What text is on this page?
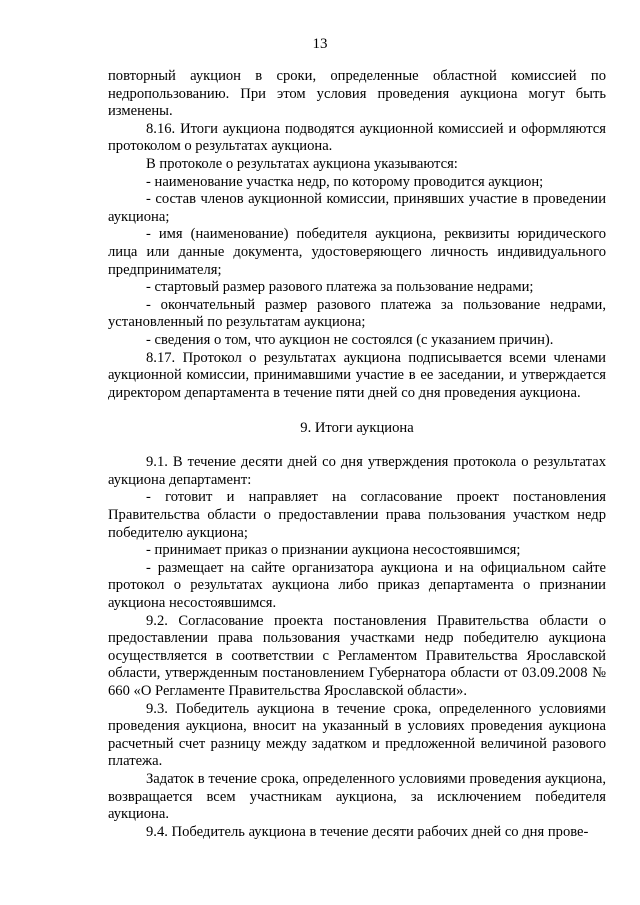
13

повторный аукцион в сроки, определенные областной комиссией по недропользованию. При этом условия проведения аукциона могут быть изменены.

8.16. Итоги аукциона подводятся аукционной комиссией и оформляются протоколом о результатах аукциона.

В протоколе о результатах аукциона указываются:

- наименование участка недр, по которому проводится аукцион;

- состав членов аукционной комиссии, принявших участие в проведении аукциона;

- имя (наименование) победителя аукциона, реквизиты юридического лица или данные документа, удостоверяющего личность индивидуального предпринимателя;

- стартовый размер разового платежа за пользование недрами;

- окончательный размер разового платежа за пользование недрами, установленный по результатам аукциона;

- сведения о том, что аукцион не состоялся (с указанием причин).

8.17. Протокол о результатах аукциона подписывается всеми членами аукционной комиссии, принимавшими участие в ее заседании, и утверждается директором департамента в течение пяти дней со дня проведения аукциона.

9. Итоги аукциона

9.1. В течение десяти дней со дня утверждения протокола о результатах аукциона департамент:

- готовит и направляет на согласование проект постановления Правительства области о предоставлении права пользования участком недр победителю аукциона;

- принимает приказ о признании аукциона несостоявшимся;

- размещает на сайте организатора аукциона и на официальном сайте протокол о результатах аукциона либо приказ департамента о признании аукциона несостоявшимся.

9.2. Согласование проекта постановления Правительства области о предоставлении права пользования участками недр победителю аукциона осуществляется в соответствии с Регламентом Правительства Ярославской области, утвержденным постановлением Губернатора области от 03.09.2008 № 660 «О Регламенте Правительства Ярославской области».

9.3. Победитель аукциона в течение срока, определенного условиями проведения аукциона, вносит на указанный в условиях проведения аукциона расчетный счет разницу между задатком и предложенной величиной разового платежа.

Задаток в течение срока, определенного условиями проведения аукциона, возвращается всем участникам аукциона, за исключением победителя аукциона.

9.4. Победитель аукциона в течение десяти рабочих дней со дня прове-
